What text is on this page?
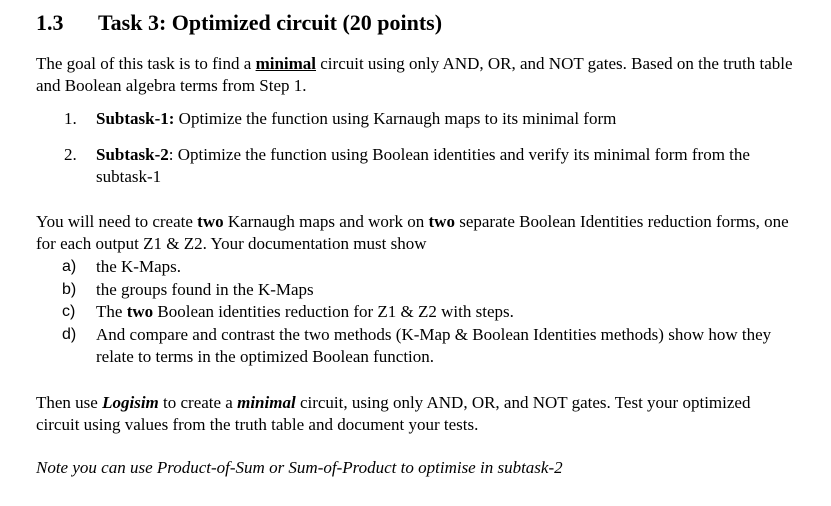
1.3 Task 3: Optimized circuit (20 points)
The goal of this task is to find a minimal circuit using only AND, OR, and NOT gates. Based on the truth table and Boolean algebra terms from Step 1.
1. Subtask-1: Optimize the function using Karnaugh maps to its minimal form
2. Subtask-2: Optimize the function using Boolean identities and verify its minimal form from the subtask-1
You will need to create two Karnaugh maps and work on two separate Boolean Identities reduction forms, one for each output Z1 & Z2. Your documentation must show
a) the K-Maps.
b) the groups found in the K-Maps
c) The two Boolean identities reduction for Z1 & Z2 with steps.
d) And compare and contrast the two methods (K-Map & Boolean Identities methods) show how they relate to terms in the optimized Boolean function.
Then use Logisim to create a minimal circuit, using only AND, OR, and NOT gates. Test your optimized circuit using values from the truth table and document your tests.
Note you can use Product-of-Sum or Sum-of-Product to optimise in subtask-2
